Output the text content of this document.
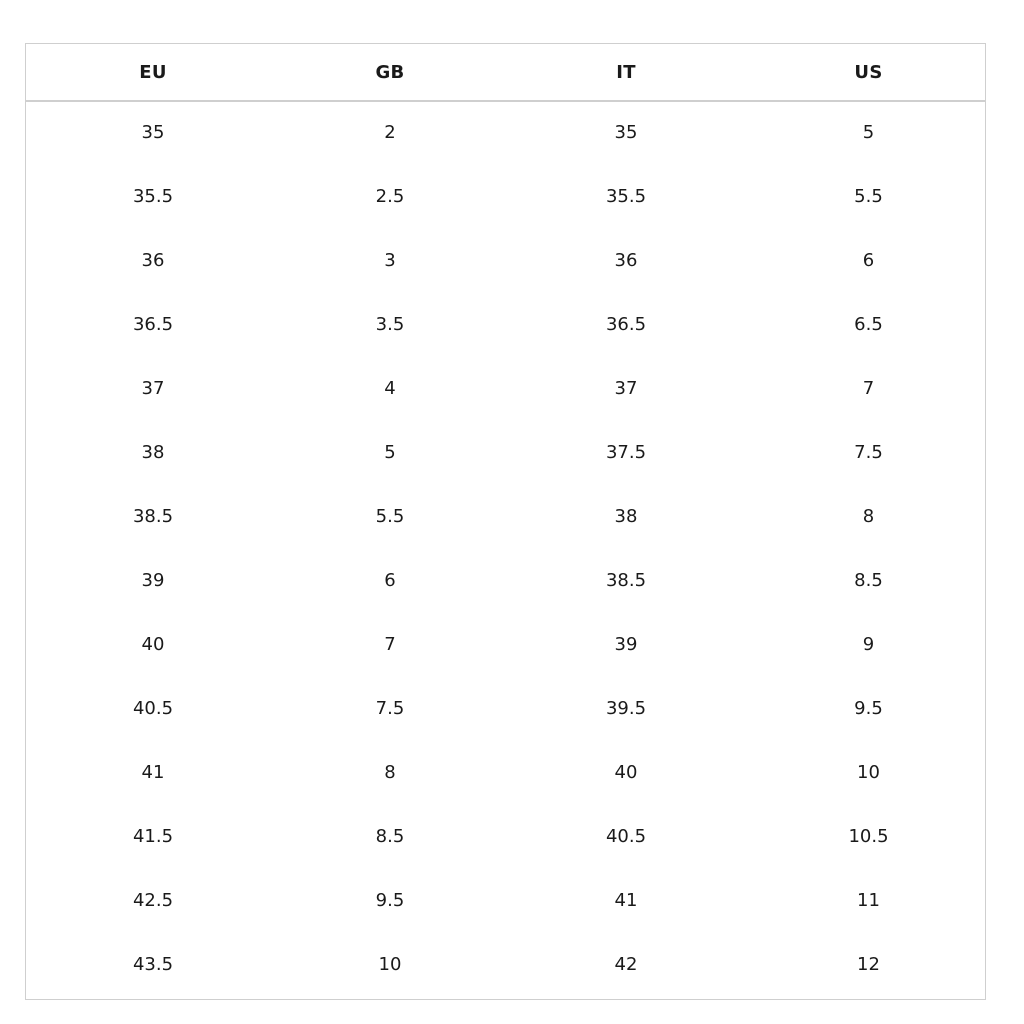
EU	GB	IT	US
35	2	35	5
35.5	2.5	35.5	5.5
36	3	36	6
36.5	3.5	36.5	6.5
37	4	37	7
38	5	37.5	7.5
38.5	5.5	38	8
39	6	38.5	8.5
40	7	39	9
40.5	7.5	39.5	9.5
41	8	40	10
41.5	8.5	40.5	10.5
42.5	9.5	41	11
43.5	10	42	12
